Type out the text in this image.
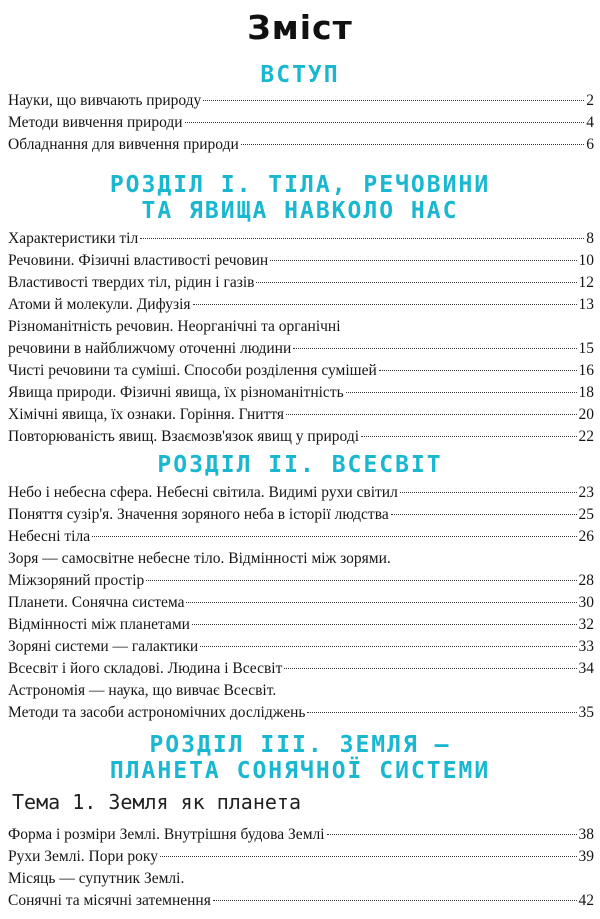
Зміст
ВСТУП
Науки, що вивчають природу	2
Методи вивчення природи	4
Обладнання для вивчення природи	6
РОЗДІЛ І. ТІЛА, РЕЧОВИНИ
ТА ЯВИЩА НАВКОЛО НАС
Характеристики тіл	8
Речовини. Фізичні властивості речовин	10
Властивості твердих тіл, рідин і газів	12
Атоми й молекули. Дифузія	13
Різноманітність речовин. Неорганічні та органічні
речовини в найближчому оточенні людини	15
Чисті речовини та суміші. Способи розділення сумішей	16
Явища природи. Фізичні явища, їх різноманітність	18
Хімічні явища, їх ознаки. Горіння. Гниття	20
Повторюваність явищ. Взаємозв'язок явищ у природі	22
РОЗДІЛ ІІ. ВСЕСВІТ
Небо і небесна сфера. Небесні світила. Видимі рухи світил	23
Поняття сузір'я. Значення зоряного неба в історії людства	25
Небесні тіла	26
Зоря — самосвітне небесне тіло. Відмінності між зорями.
Міжзоряний простір	28
Планети. Сонячна система	30
Відмінності між планетами	32
Зоряні системи — галактики	33
Всесвіт і його складові. Людина і Всесвіт	34
Астрономія — наука, що вивчає Всесвіт.
Методи та засоби астрономічних досліджень	35
РОЗДІЛ ІІІ. ЗЕМЛЯ —
ПЛАНЕТА СОНЯЧНОЇ СИСТЕМИ
Тема 1. Земля як планета
Форма і розміри Землі. Внутрішня будова Землі	38
Рухи Землі. Пори року	39
Місяць — супутник Землі.
Сонячні та місячні затемнення	42
